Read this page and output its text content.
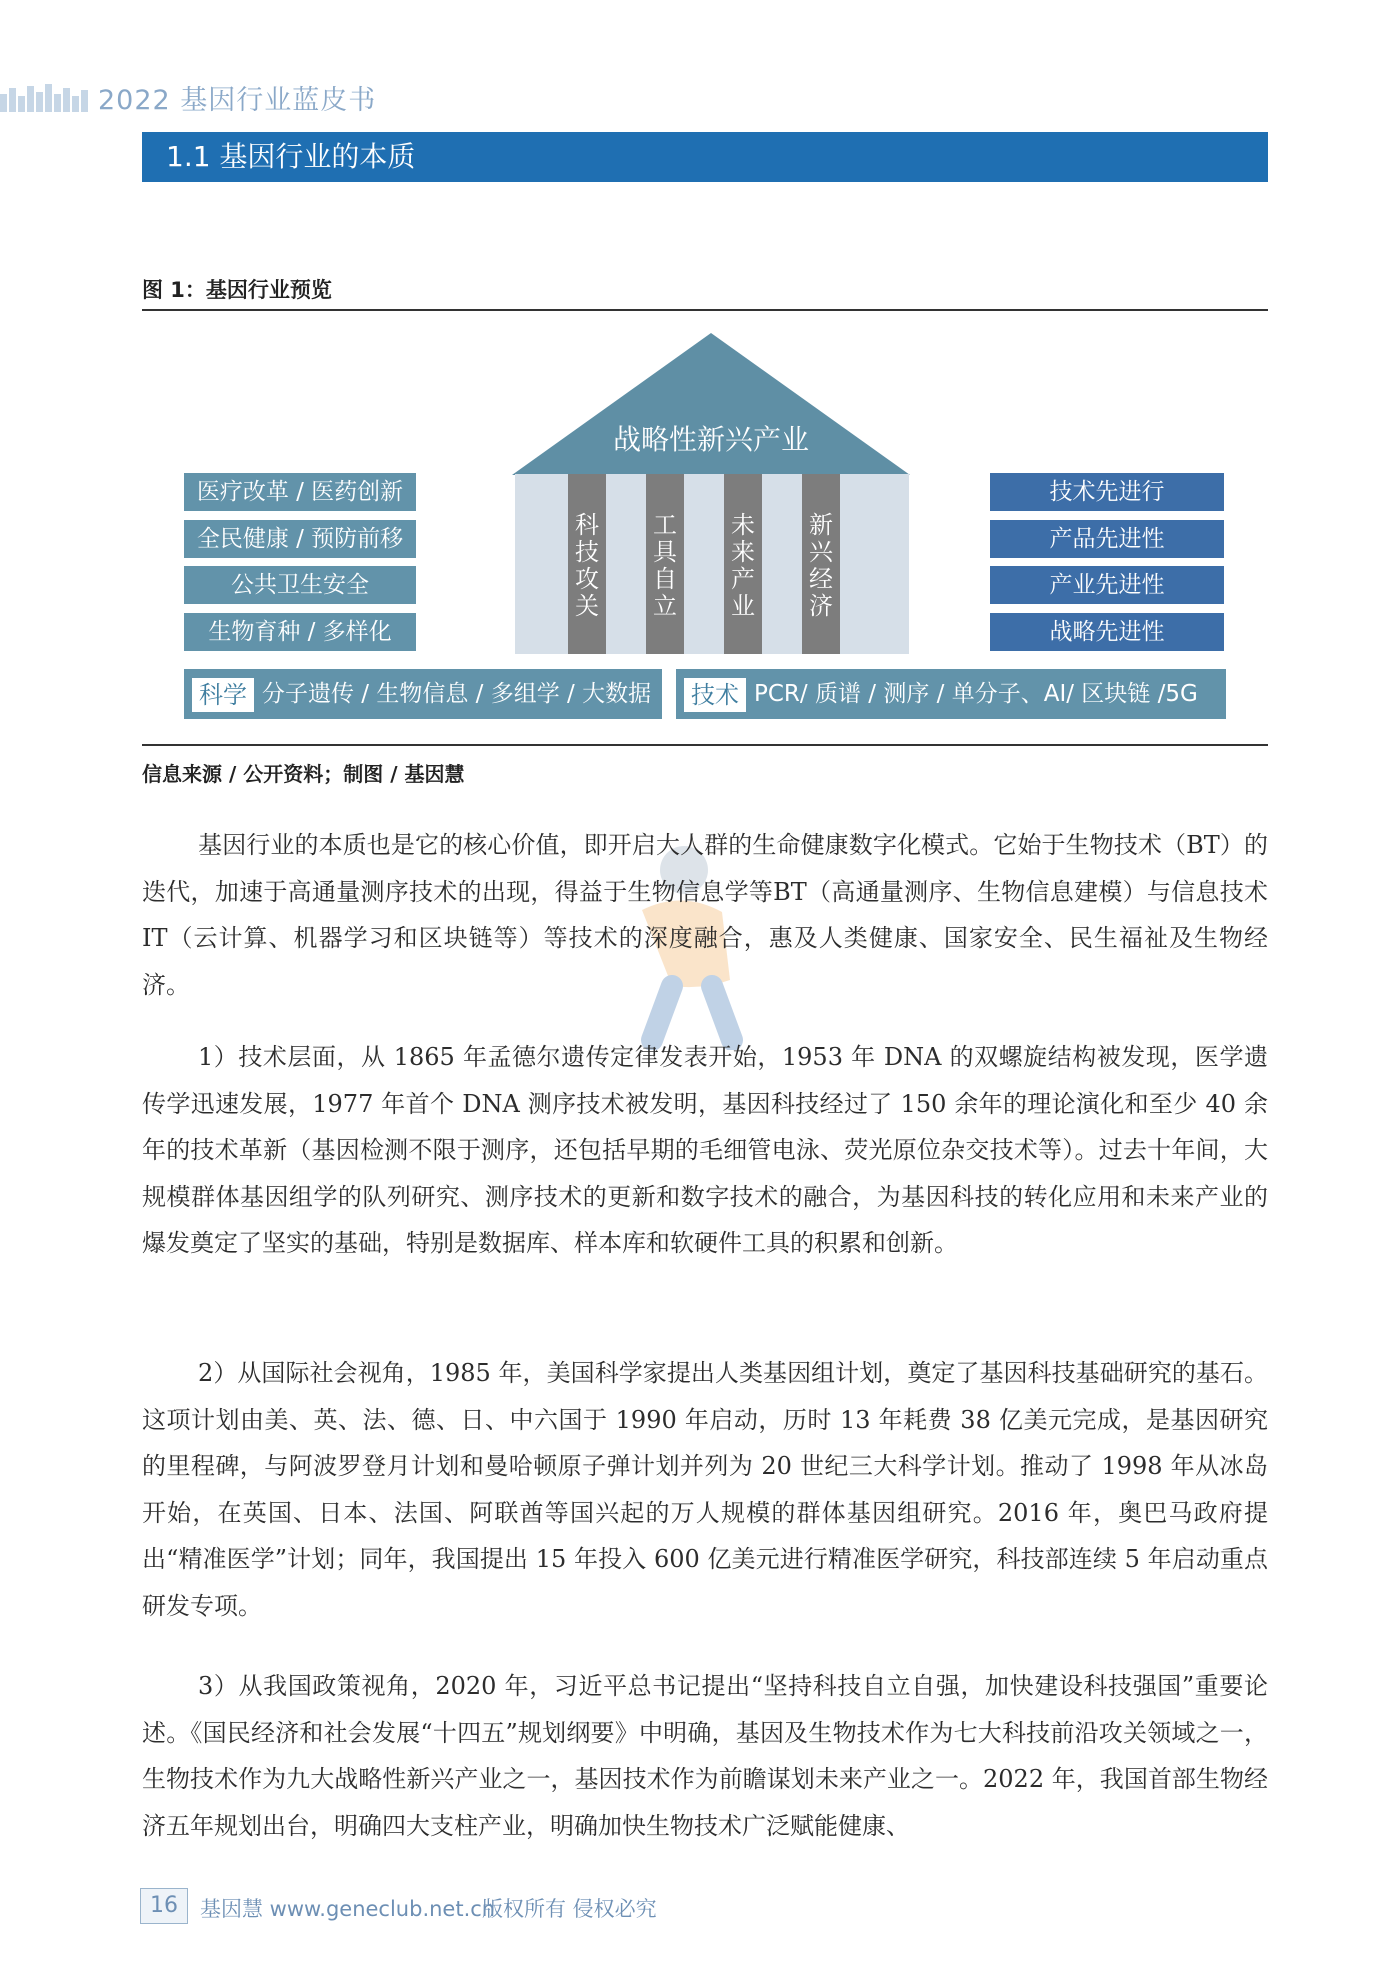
2022 基因行业蓝皮书
1.1 基因行业的本质
图 1：基因行业预览
战略性新兴产业
科技攻关
工具自立
未来产业
新兴经济
医疗改革 / 医药创新
全民健康 / 预防前移
公共卫生安全
生物育种 / 多样化
技术先进行
产品先进性
产业先进性
战略先进性
科学 分子遗传 / 生物信息 / 多组学 / 大数据	技术 PCR/ 质谱 / 测序 / 单分子、AI/ 区块链 /5G
信息来源 / 公开资料；制图 / 基因慧

基因行业的本质也是它的核心价值，即开启大人群的生命健康数字化模式。它始于生物技术（BT）的迭代，加速于高通量测序技术的出现，得益于生物信息学等BT（高通量测序、生物信息建模）与信息技术 IT（云计算、机器学习和区块链等）等技术的深度融合，惠及人类健康、国家安全、民生福祉及生物经济。

1）技术层面，从 1865 年孟德尔遗传定律发表开始，1953 年 DNA 的双螺旋结构被发现，医学遗传学迅速发展，1977 年首个 DNA 测序技术被发明，基因科技经过了 150 余年的理论演化和至少 40 余年的技术革新（基因检测不限于测序，还包括早期的毛细管电泳、荧光原位杂交技术等）。过去十年间，大规模群体基因组学的队列研究、测序技术的更新和数字技术的融合，为基因科技的转化应用和未来产业的爆发奠定了坚实的基础，特别是数据库、样本库和软硬件工具的积累和创新。

2）从国际社会视角，1985 年，美国科学家提出人类基因组计划，奠定了基因科技基础研究的基石。这项计划由美、英、法、德、日、中六国于 1990 年启动，历时 13 年耗费 38 亿美元完成，是基因研究的里程碑，与阿波罗登月计划和曼哈顿原子弹计划并列为 20 世纪三大科学计划。推动了 1998 年从冰岛开始，在英国、日本、法国、阿联酋等国兴起的万人规模的群体基因组研究。2016 年，奥巴马政府提出“精准医学”计划；同年，我国提出 15 年投入 600 亿美元进行精准医学研究，科技部连续 5 年启动重点研发专项。

3）从我国政策视角，2020 年，习近平总书记提出“坚持科技自立自强，加快建设科技强国”重要论述。《国民经济和社会发展“十四五”规划纲要》中明确，基因及生物技术作为七大科技前沿攻关领域之一，生物技术作为九大战略性新兴产业之一，基因技术作为前瞻谋划未来产业之一。2022 年，我国首部生物经济五年规划出台，明确四大支柱产业，明确加快生物技术广泛赋能健康、

16	基因慧 www.geneclub.net.cn
版权所有 侵权必究
